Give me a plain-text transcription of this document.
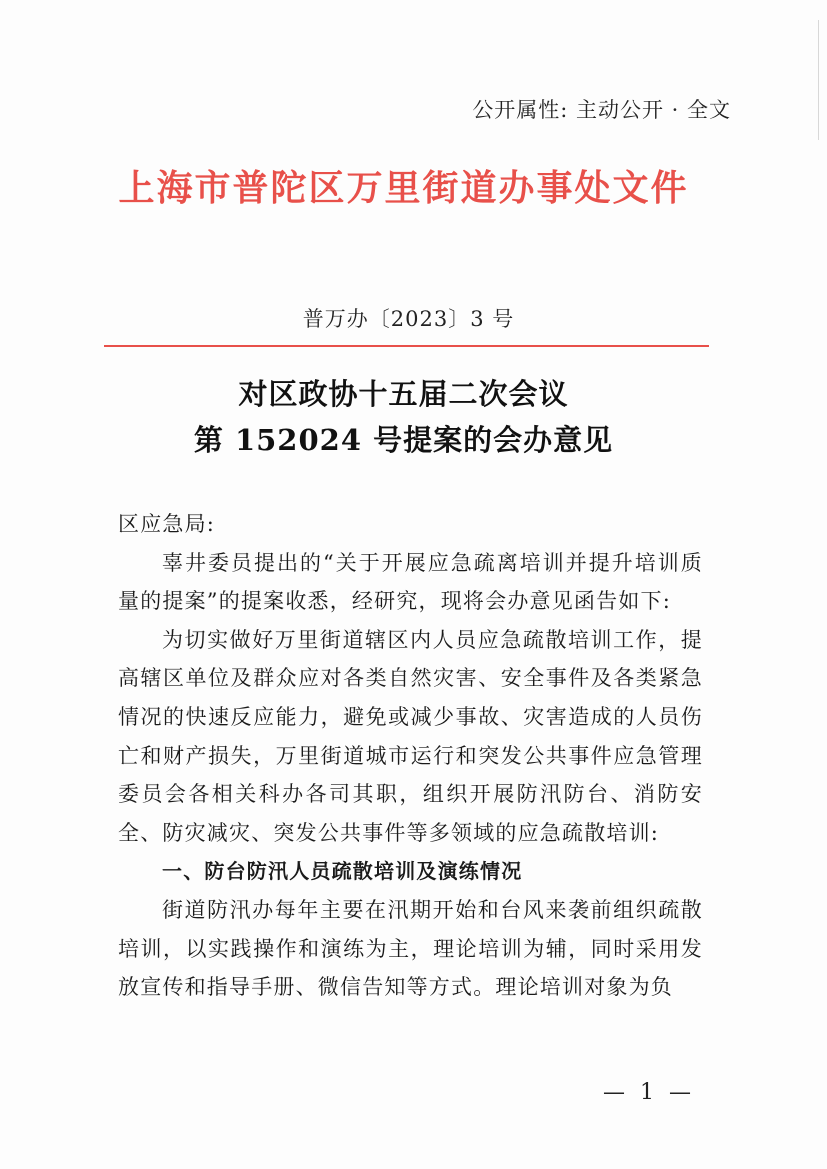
公开属性: 主动公开 · 全文
上海市普陀区万里街道办事处文件
普万办〔2023〕3 号
对区政协十五届二次会议
第 152024 号提案的会办意见

区应急局:

辜井委员提出的“关于开展应急疏离培训并提升培训质量的提案”的提案收悉，经研究，现将会办意见函告如下:

为切实做好万里街道辖区内人员应急疏散培训工作，提高辖区单位及群众应对各类自然灾害、安全事件及各类紧急情况的快速反应能力，避免或减少事故、灾害造成的人员伤亡和财产损失，万里街道城市运行和突发公共事件应急管理委员会各相关科办各司其职，组织开展防汛防台、消防安全、防灾减灾、突发公共事件等多领域的应急疏散培训:

一、防台防汛人员疏散培训及演练情况

街道防汛办每年主要在汛期开始和台风来袭前组织疏散培训，以实践操作和演练为主，理论培训为辅，同时采用发放宣传和指导手册、微信告知等方式。理论培训对象为负

— 1 —
